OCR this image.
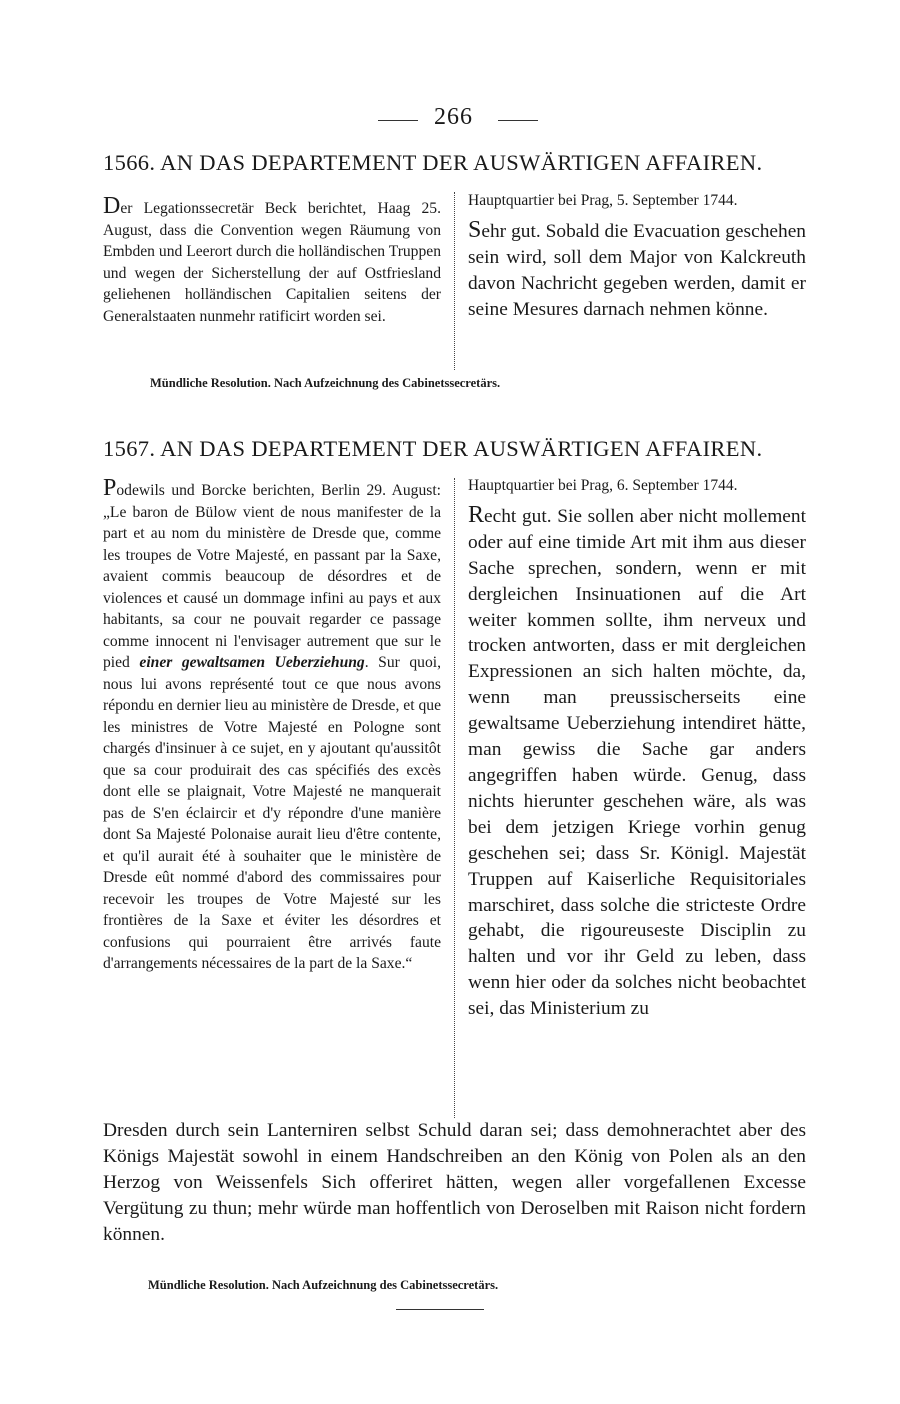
266
1566. AN DAS DEPARTEMENT DER AUSWÄRTIGEN AFFAIREN.

Der Legationssecretär Beck berichtet, Haag 25. August, dass die Convention wegen Räumung von Embden und Leerort durch die holländischen Truppen und wegen der Sicherstellung der auf Ostfriesland geliehenen holländischen Capitalien seitens der Generalstaaten nunmehr ratificirt worden sei.

Hauptquartier bei Prag, 5. September 1744.

Sehr gut. Sobald die Evacuation geschehen sein wird, soll dem Major von Kalckreuth davon Nachricht gegeben werden, damit er seine Mesures darnach nehmen könne.

Mündliche Resolution. Nach Aufzeichnung des Cabinetssecretärs.
1567. AN DAS DEPARTEMENT DER AUSWÄRTIGEN AFFAIREN.

Podewils und Borcke berichten, Berlin 29. August: „Le baron de Bülow vient de nous manifester de la part et au nom du ministère de Dresde que, comme les troupes de Votre Majesté, en passant par la Saxe, avaient commis beaucoup de désordres et de violences et causé un dommage infini au pays et aux habitants, sa cour ne pouvait regarder ce passage comme innocent ni l'envisager autrement que sur le pied einer gewaltsamen Ueberziehung. Sur quoi, nous lui avons représenté tout ce que nous avons répondu en dernier lieu au ministère de Dresde, et que les ministres de Votre Majesté en Pologne sont chargés d'insinuer à ce sujet, en y ajoutant qu'aussitôt que sa cour produirait des cas spécifiés des excès dont elle se plaignait, Votre Majesté ne manquerait pas de S'en éclaircir et d'y répondre d'une manière dont Sa Majesté Polonaise aurait lieu d'être contente, et qu'il aurait été à souhaiter que le ministère de Dresde eût nommé d'abord des commissaires pour recevoir les troupes de Votre Majesté sur les frontières de la Saxe et éviter les désordres et confusions qui pourraient être arrivés faute d'arrangements nécessaires de la part de la Saxe.“

Hauptquartier bei Prag, 6. September 1744.

Recht gut. Sie sollen aber nicht mollement oder auf eine timide Art mit ihm aus dieser Sache sprechen, sondern, wenn er mit dergleichen Insinuationen auf die Art weiter kommen sollte, ihm nerveux und trocken antworten, dass er mit dergleichen Expressionen an sich halten möchte, da, wenn man preussischerseits eine gewaltsame Ueberziehung intendiret hätte, man gewiss die Sache gar anders angegriffen haben würde. Genug, dass nichts hierunter geschehen wäre, als was bei dem jetzigen Kriege vorhin genug geschehen sei; dass Sr. Königl. Majestät Truppen auf Kaiserliche Requisitoriales marschiret, dass solche die stricteste Ordre gehabt, die rigoureuseste Disciplin zu halten und vor ihr Geld zu leben, dass wenn hier oder da solches nicht beobachtet sei, das Ministerium zu

Dresden durch sein Lanterniren selbst Schuld daran sei; dass demohnerachtet aber des Königs Majestät sowohl in einem Handschreiben an den König von Polen als an den Herzog von Weissenfels Sich offeriret hätten, wegen aller vorgefallenen Excesse Vergütung zu thun; mehr würde man hoffentlich von Deroselben mit Raison nicht fordern können.

Mündliche Resolution. Nach Aufzeichnung des Cabinetssecretärs.
